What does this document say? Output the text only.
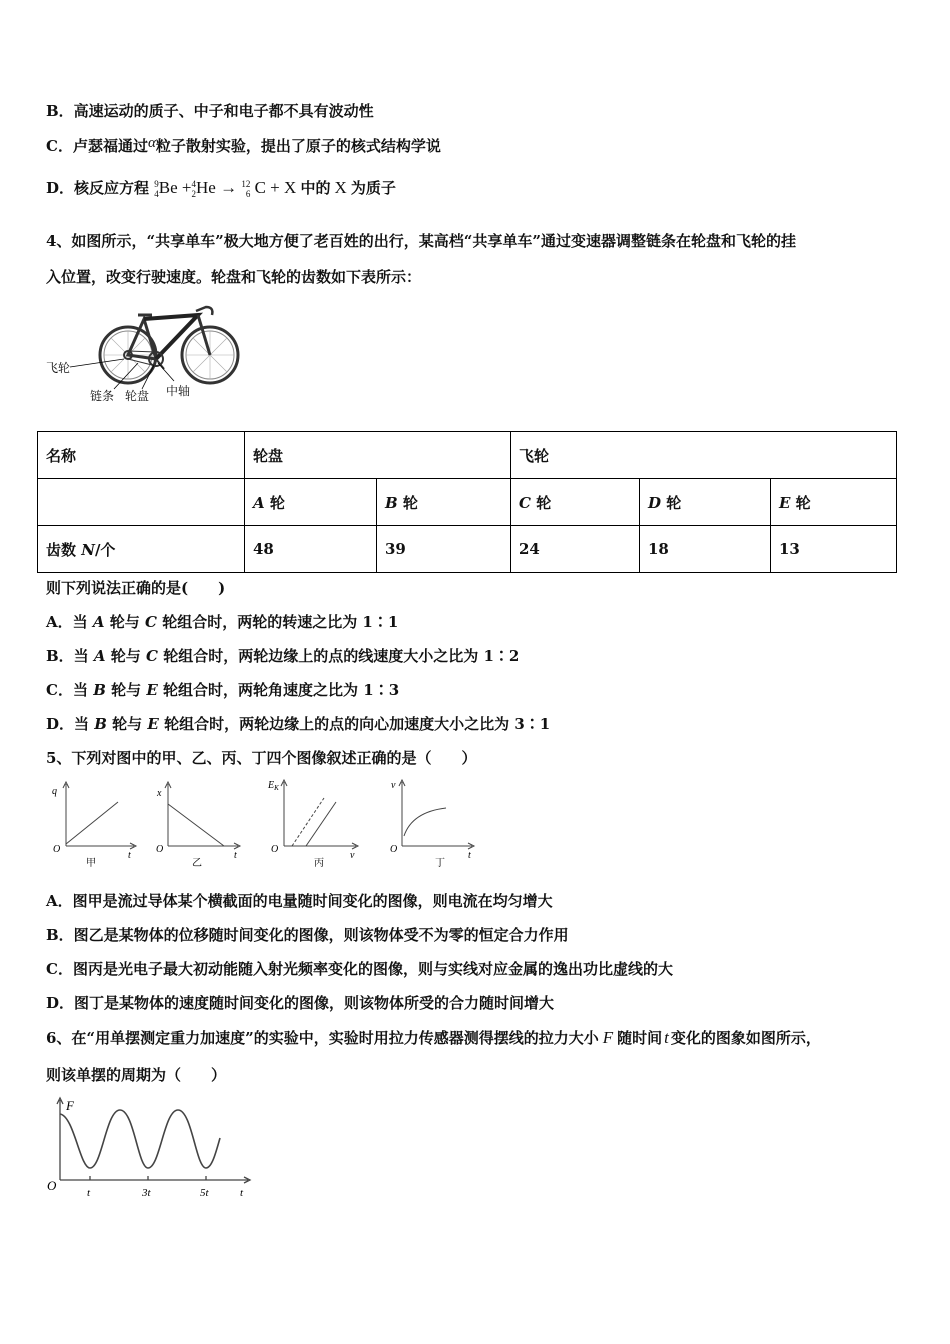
B．高速运动的质子、中子和电子都不具有波动性
C．卢瑟福通过α粒子散射实验，提出了原子的核式结构学说
D．核反应方程 9
4 Be + 4
2 He → 12
6 C + X 中的 X 为质子
4、如图所示，“共享单车”极大地方便了老百姓的出行，某高档“共享单车”通过变速器调整链条在轮盘和飞轮的挂
入位置，改变行驶速度。轮盘和飞轮的齿数如下表所示：
飞轮
链条 轮盘 中轴
名称	轮盘		飞轮		
	A 轮	B 轮	C 轮	D 轮	E 轮
齿数 N/个	48	39	24	18	13
则下列说法正确的是(　　)
A．当 A 轮与 C 轮组合时，两轮的转速之比为 1∶1
B．当 A 轮与 C 轮组合时，两轮边缘上的点的线速度大小之比为 1∶2
C．当 B 轮与 E 轮组合时，两轮角速度之比为 1∶3
D．当 B 轮与 E 轮组合时，两轮边缘上的点的向心加速度大小之比为 3∶1
5、下列对图中的甲、乙、丙、丁四个图像叙述正确的是（　　）
q
O
t
甲
x
O
t
乙
$E_K$
O
ν
丙
v
O
t
丁
A．图甲是流过导体某个横截面的电量随时间变化的图像，则电流在均匀增大
B．图乙是某物体的位移随时间变化的图像，则该物体受不为零的恒定合力作用
C．图丙是光电子最大初动能随入射光频率变化的图像，则与实线对应金属的逸出功比虚线的大
D．图丁是某物体的速度随时间变化的图像，则该物体所受的合力随时间增大
6、在“用单摆测定重力加速度”的实验中，实验时用拉力传感器测得摆线的拉力大小 F 随时间 t 变化的图象如图所示，
则该单摆的周期为（　　）
F
O	t
t	3t	5t
